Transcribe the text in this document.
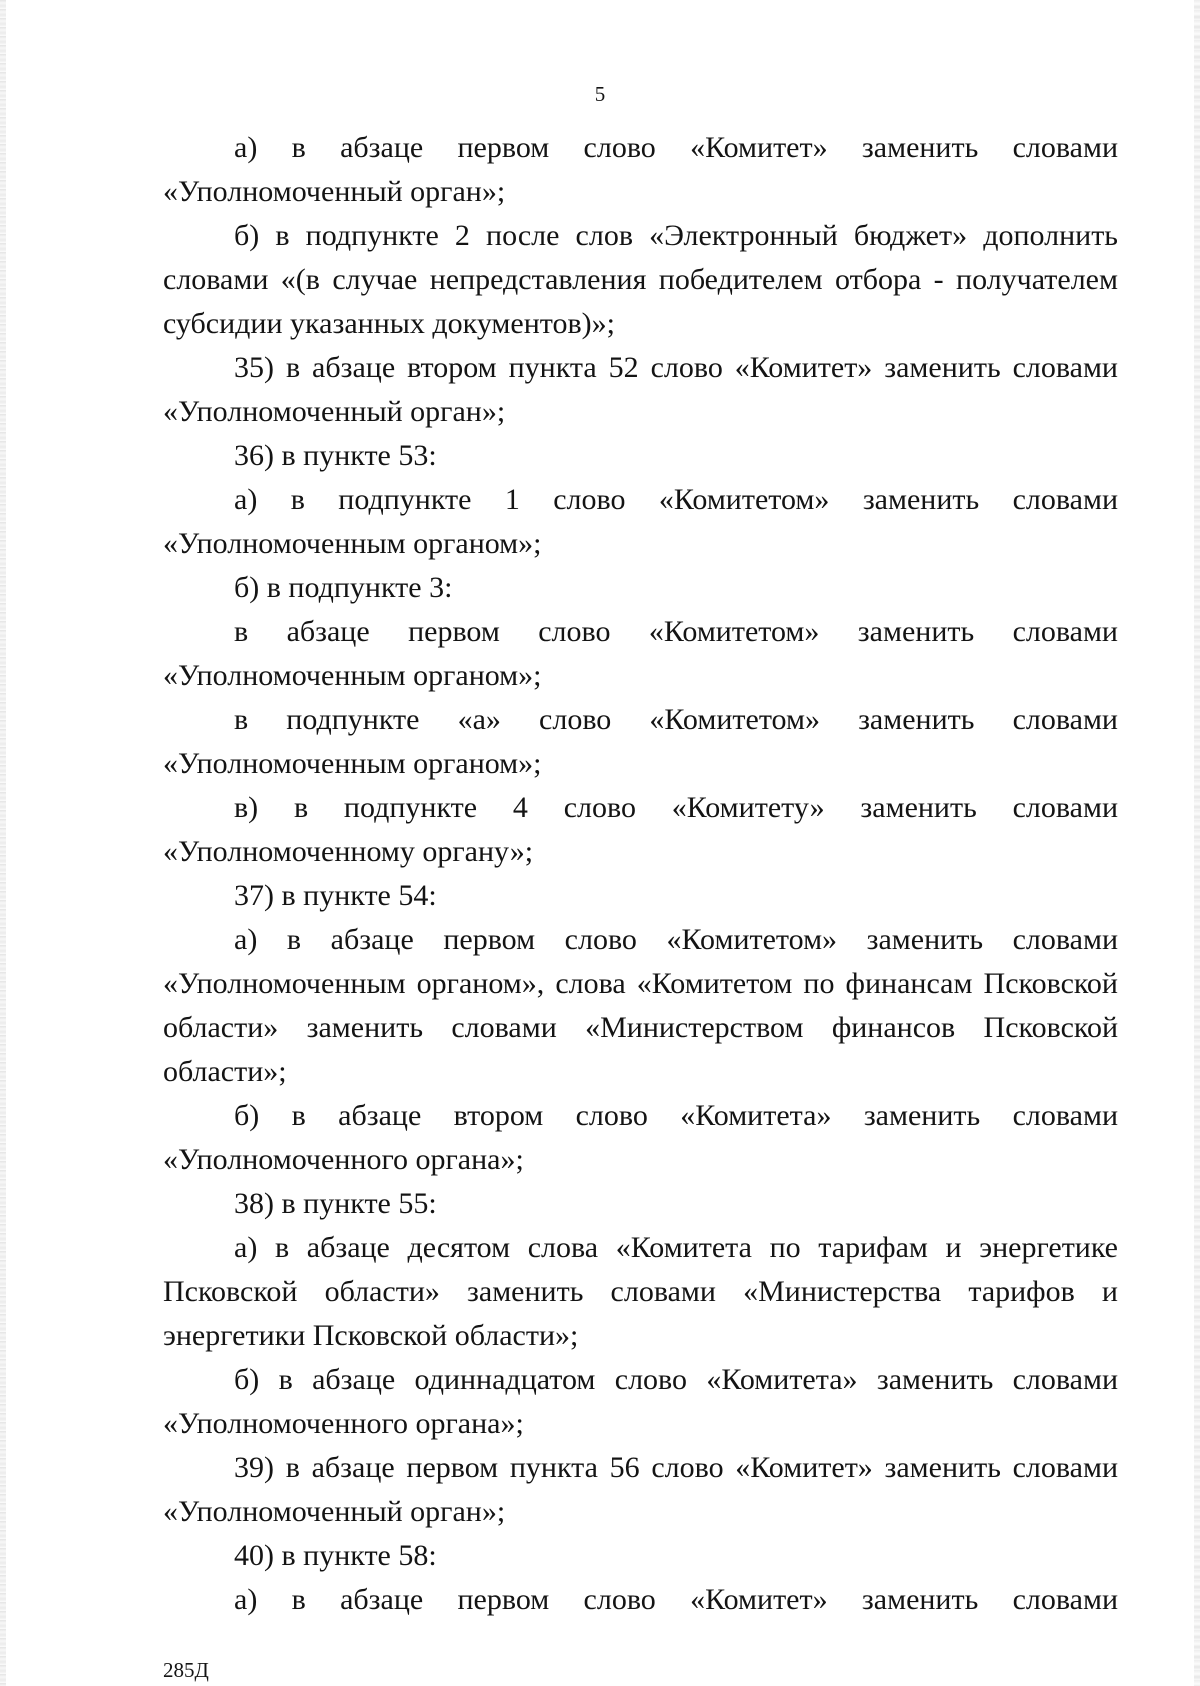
5

а) в абзаце первом слово «Комитет» заменить словами «Уполномоченный орган»;

б) в подпункте 2 после слов «Электронный бюджет» дополнить словами «(в случае непредставления победителем отбора - получателем субсидии указанных документов)»;

35) в абзаце втором пункта 52 слово «Комитет» заменить словами «Уполномоченный орган»;

36) в пункте 53:

а) в подпункте 1 слово «Комитетом» заменить словами «Уполномоченным органом»;

б) в подпункте 3:

в абзаце первом слово «Комитетом» заменить словами «Уполномоченным органом»;

в подпункте «а» слово «Комитетом» заменить словами «Уполномоченным органом»;

в) в подпункте 4 слово «Комитету» заменить словами «Уполномоченному органу»;

37) в пункте 54:

а) в абзаце первом слово «Комитетом» заменить словами «Уполномоченным органом», слова «Комитетом по финансам Псковской области» заменить словами «Министерством финансов Псковской области»;

б) в абзаце втором слово «Комитета» заменить словами «Уполномоченного органа»;

38) в пункте 55:

а) в абзаце десятом слова «Комитета по тарифам и энергетике Псковской области» заменить словами «Министерства тарифов и энергетики Псковской области»;

б) в абзаце одиннадцатом слово «Комитета» заменить словами «Уполномоченного органа»;

39) в абзаце первом пункта 56 слово «Комитет» заменить словами «Уполномоченный орган»;

40) в пункте 58:

а) в абзаце первом слово «Комитет» заменить словами

285Д
